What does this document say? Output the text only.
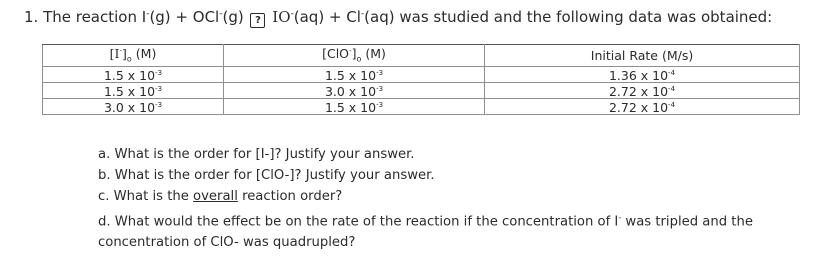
1. The reaction I-(g) + OCl-(g) ? IO-(aq) + Cl-(aq) was studied and the following data was obtained:
$[I^-]_o$ (M)	$[ClO^-]_o$ (M)	Initial Rate (M/s)
1.5 x $10^{-3}$	1.5 x $10^{-3}$	1.36 x $10^{-4}$
1.5 x $10^{-3}$	3.0 x $10^{-3}$	2.72 x $10^{-4}$
3.0 x $10^{-3}$	1.5 x $10^{-3}$	2.72 x $10^{-4}$
a. What is the order for [I-]? Justify your answer.
b. What is the order for [ClO-]? Justify your answer.
c. What is the overall reaction order?
d. What would the effect be on the rate of the reaction if the concentration of I- was tripled and the
concentration of ClO- was quadrupled?
